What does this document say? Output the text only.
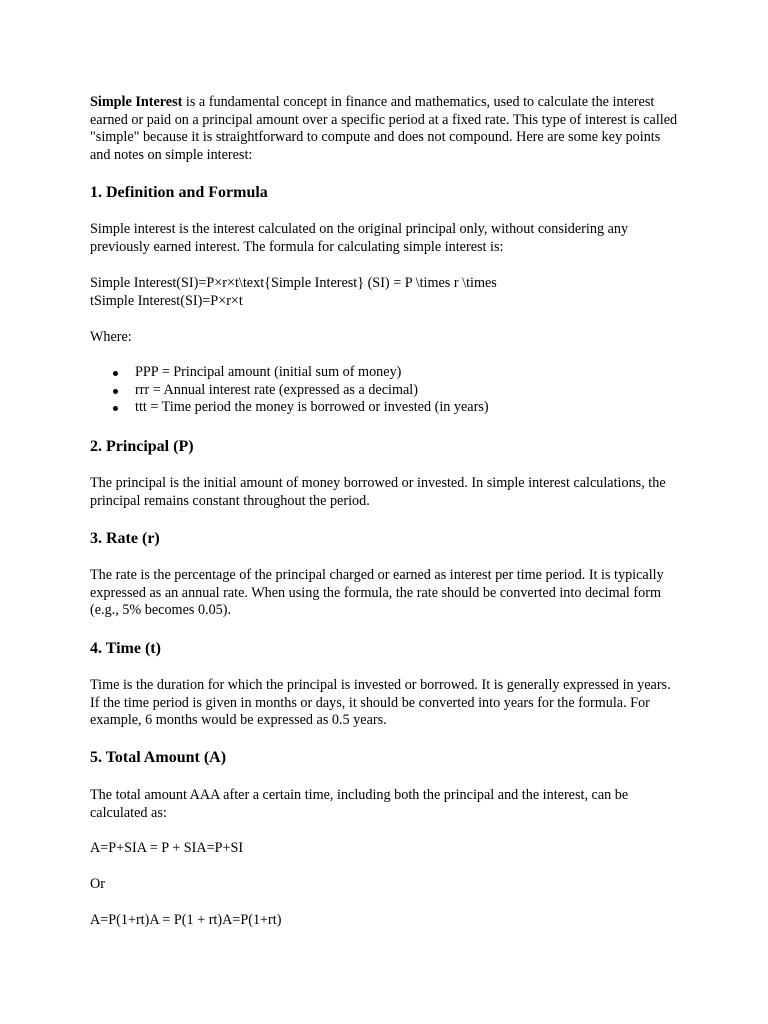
Simple Interest is a fundamental concept in finance and mathematics, used to calculate the interest earned or paid on a principal amount over a specific period at a fixed rate. This type of interest is called "simple" because it is straightforward to compute and does not compound. Here are some key points and notes on simple interest:

1. Definition and Formula

Simple interest is the interest calculated on the original principal only, without considering any previously earned interest. The formula for calculating simple interest is:

Simple Interest(SI)=P×r×t\text{Simple Interest} (SI) = P \times r \times

tSimple Interest(SI)=P×r×t

Where:

PPP = Principal amount (initial sum of money)
rrr = Annual interest rate (expressed as a decimal)
ttt = Time period the money is borrowed or invested (in years)
2. Principal (P)

The principal is the initial amount of money borrowed or invested. In simple interest calculations, the principal remains constant throughout the period.

3. Rate (r)

The rate is the percentage of the principal charged or earned as interest per time period. It is typically expressed as an annual rate. When using the formula, the rate should be converted into decimal form (e.g., 5% becomes 0.05).

4. Time (t)

Time is the duration for which the principal is invested or borrowed. It is generally expressed in years. If the time period is given in months or days, it should be converted into years for the formula. For example, 6 months would be expressed as 0.5 years.

5. Total Amount (A)

The total amount AAA after a certain time, including both the principal and the interest, can be calculated as:

A=P+SIA = P + SIA=P+SI

Or

A=P(1+rt)A = P(1 + rt)A=P(1+rt)
